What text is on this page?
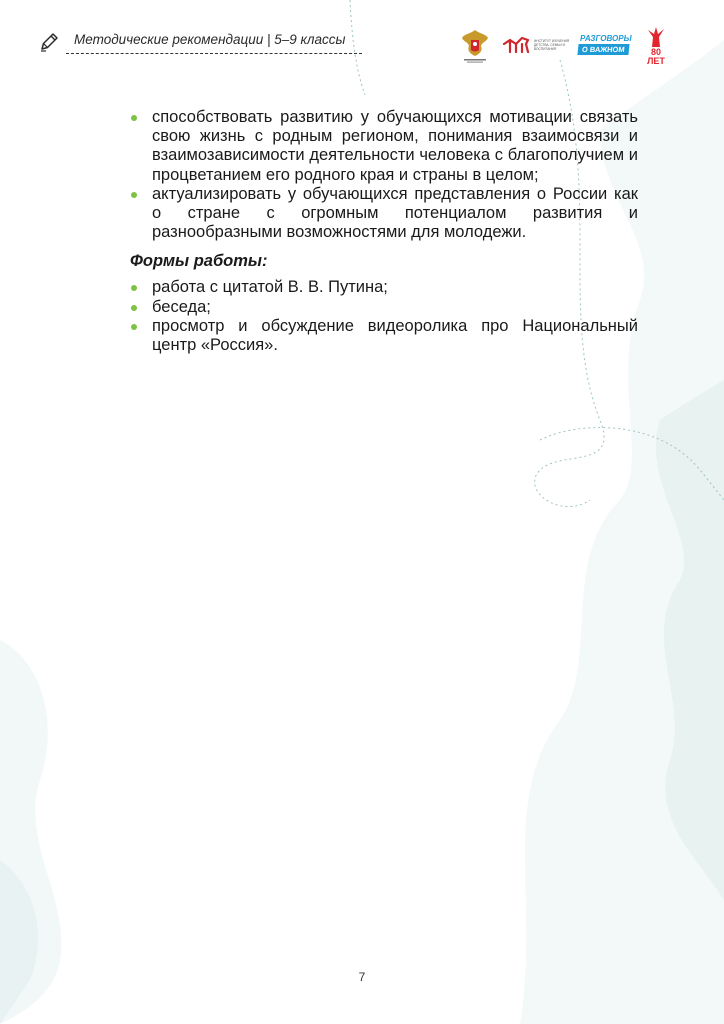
Методические рекомендации | 5–9 классы	ИНСТИТУТ ИЗУЧЕНИЯ ДЕТСТВА, СЕМЬИ И ВОСПИТАНИЯ
РАЗГОВОРЫ
О ВАЖНОМ	80 ЛЕТ
способствовать развитию у обучающихся мотивации связать свою жизнь с родным регионом, понимания взаимосвязи и взаимозависимости деятельности человека с благополучием и процветанием его родного края и страны в целом;
актуализировать у обучающихся представления о России как о стране с огромным потенциалом развития и разнообразными возможностями для молодежи.
Формы работы:
работа с цитатой В. В. Путина;
беседа;
просмотр и обсуждение видеоролика про Национальный центр «Россия».
7
